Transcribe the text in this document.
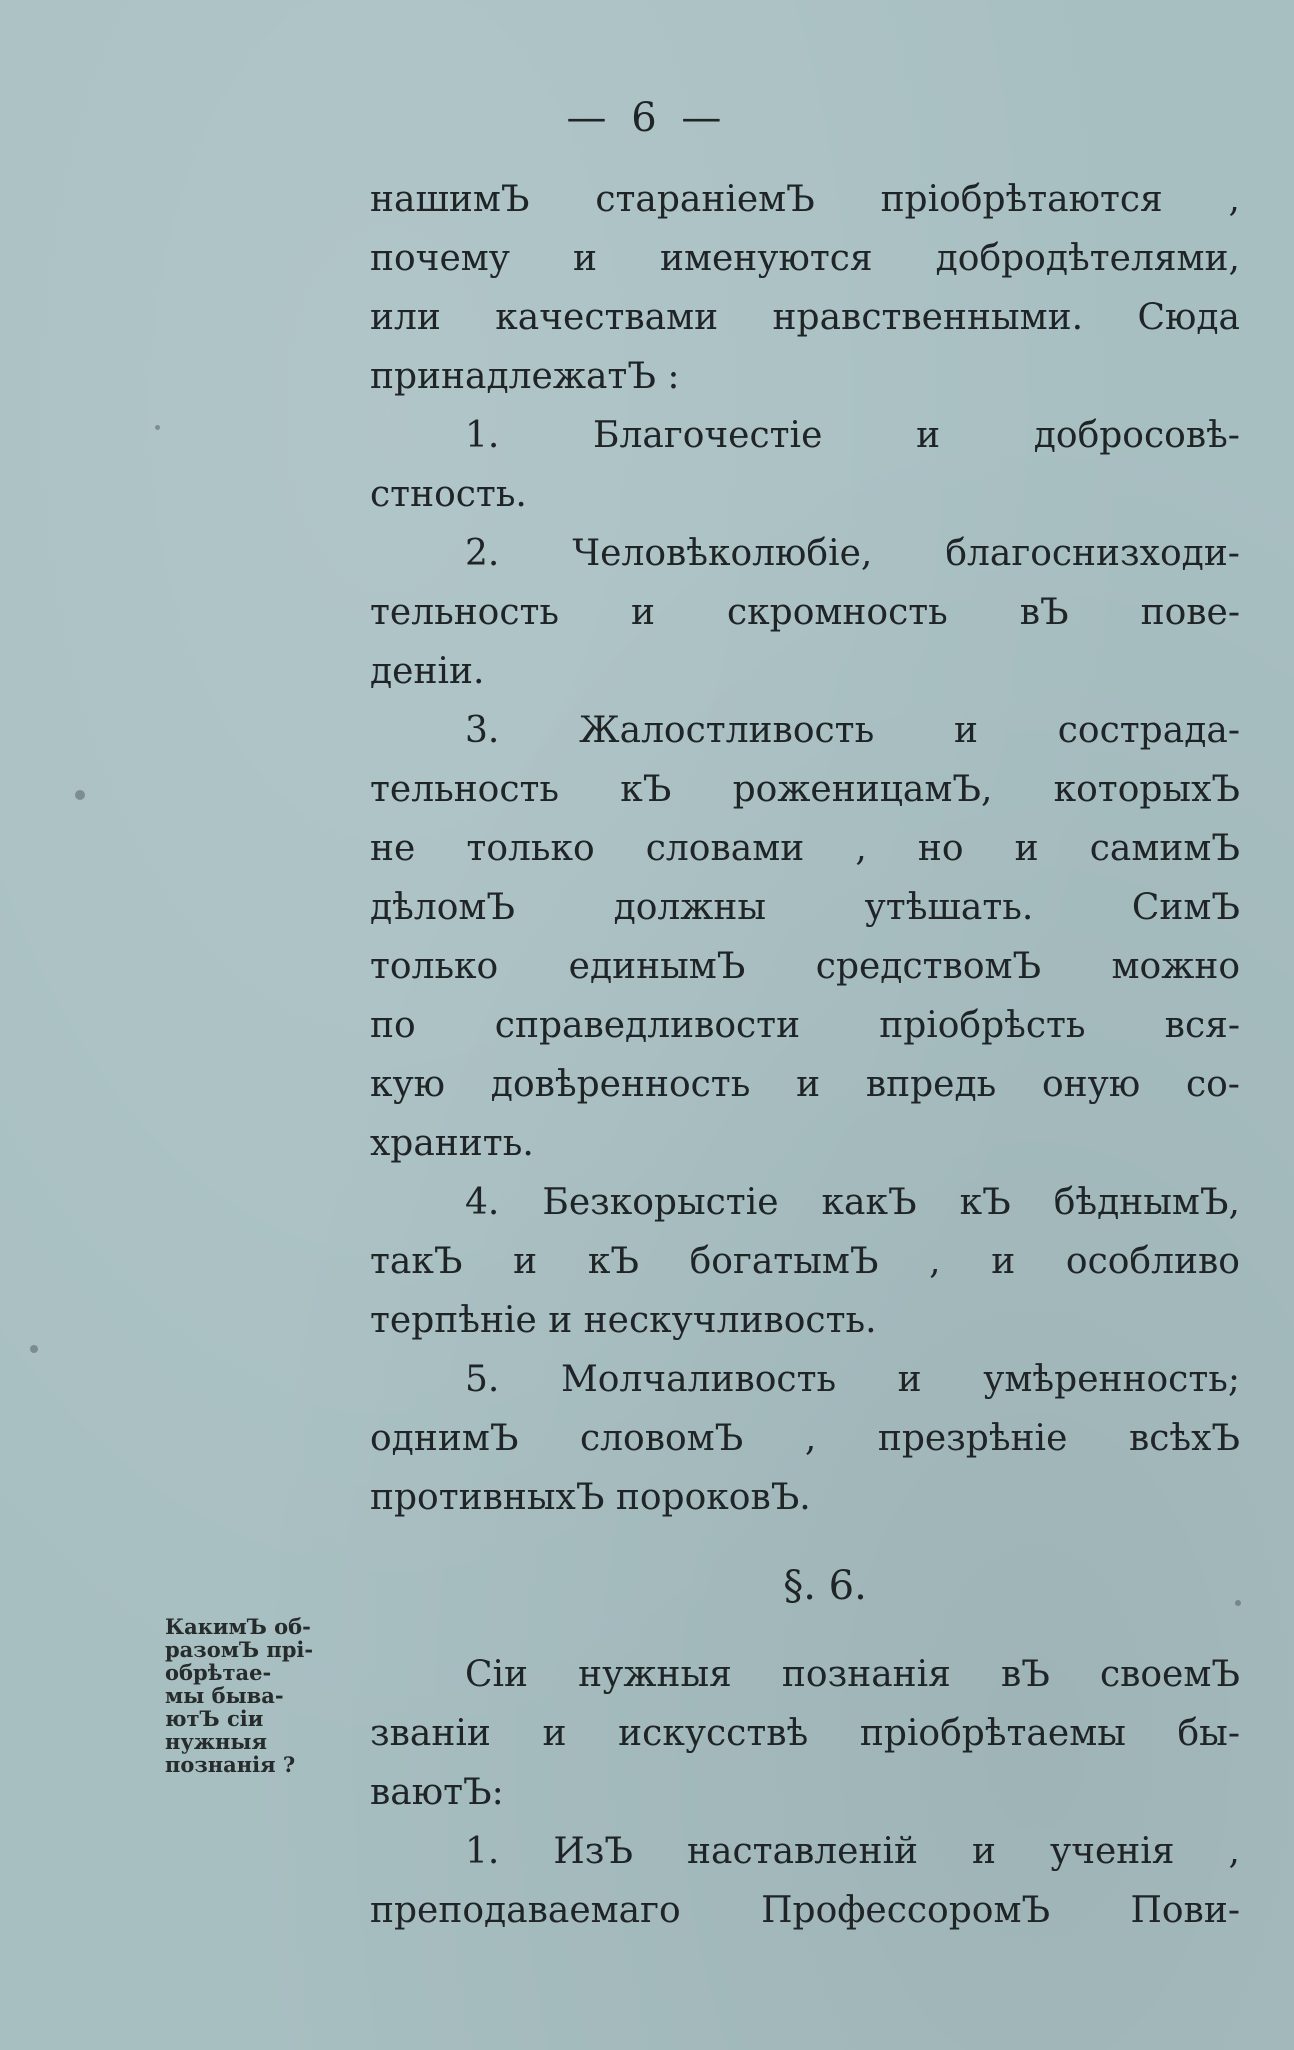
— 6 —
нашимЪ стараніемЪ пріобрѣтаются ,
почему и именуются добродѣтелями,
или качествами нравственными. Сюда
принадлежатЪ :
1.	Благочестіе	и	добросовѣ-
стность.
2. Человѣколюбіе, благоснизходи-
тельность и скромность вЪ пове-
деніи.
3. Жалостливость и сострада-
тельность кЪ роженицамЪ, которыхЪ
не только словами , но и самимЪ
дѣломЪ	должны	утѣшать.	СимЪ
только единымЪ средствомЪ можно
по справедливости пріобрѣсть вся-
кую довѣренность и впредь оную со-
хранить.
4. Безкорыстіе какЪ кЪ бѣднымЪ,
такЪ и кЪ богатымЪ , и особливо
терпѣніе и нескучливость.
5. Молчаливость и умѣренность;
однимЪ словомЪ , презрѣніе всѣхЪ
противныхЪ пороковЪ.
§. 6.
Сіи нужныя познанія вЪ своемЪ
званіи и искусствѣ пріобрѣтаемы бы-
ваютЪ:
1. ИзЪ наставленій и ученія ,
преподаваемаго ПрофессоромЪ Пови-
КакимЪ об-
разомЪ прі-
обрѣтае-
мы быва-
ютЪ сіи
нужныя
познанія ?
